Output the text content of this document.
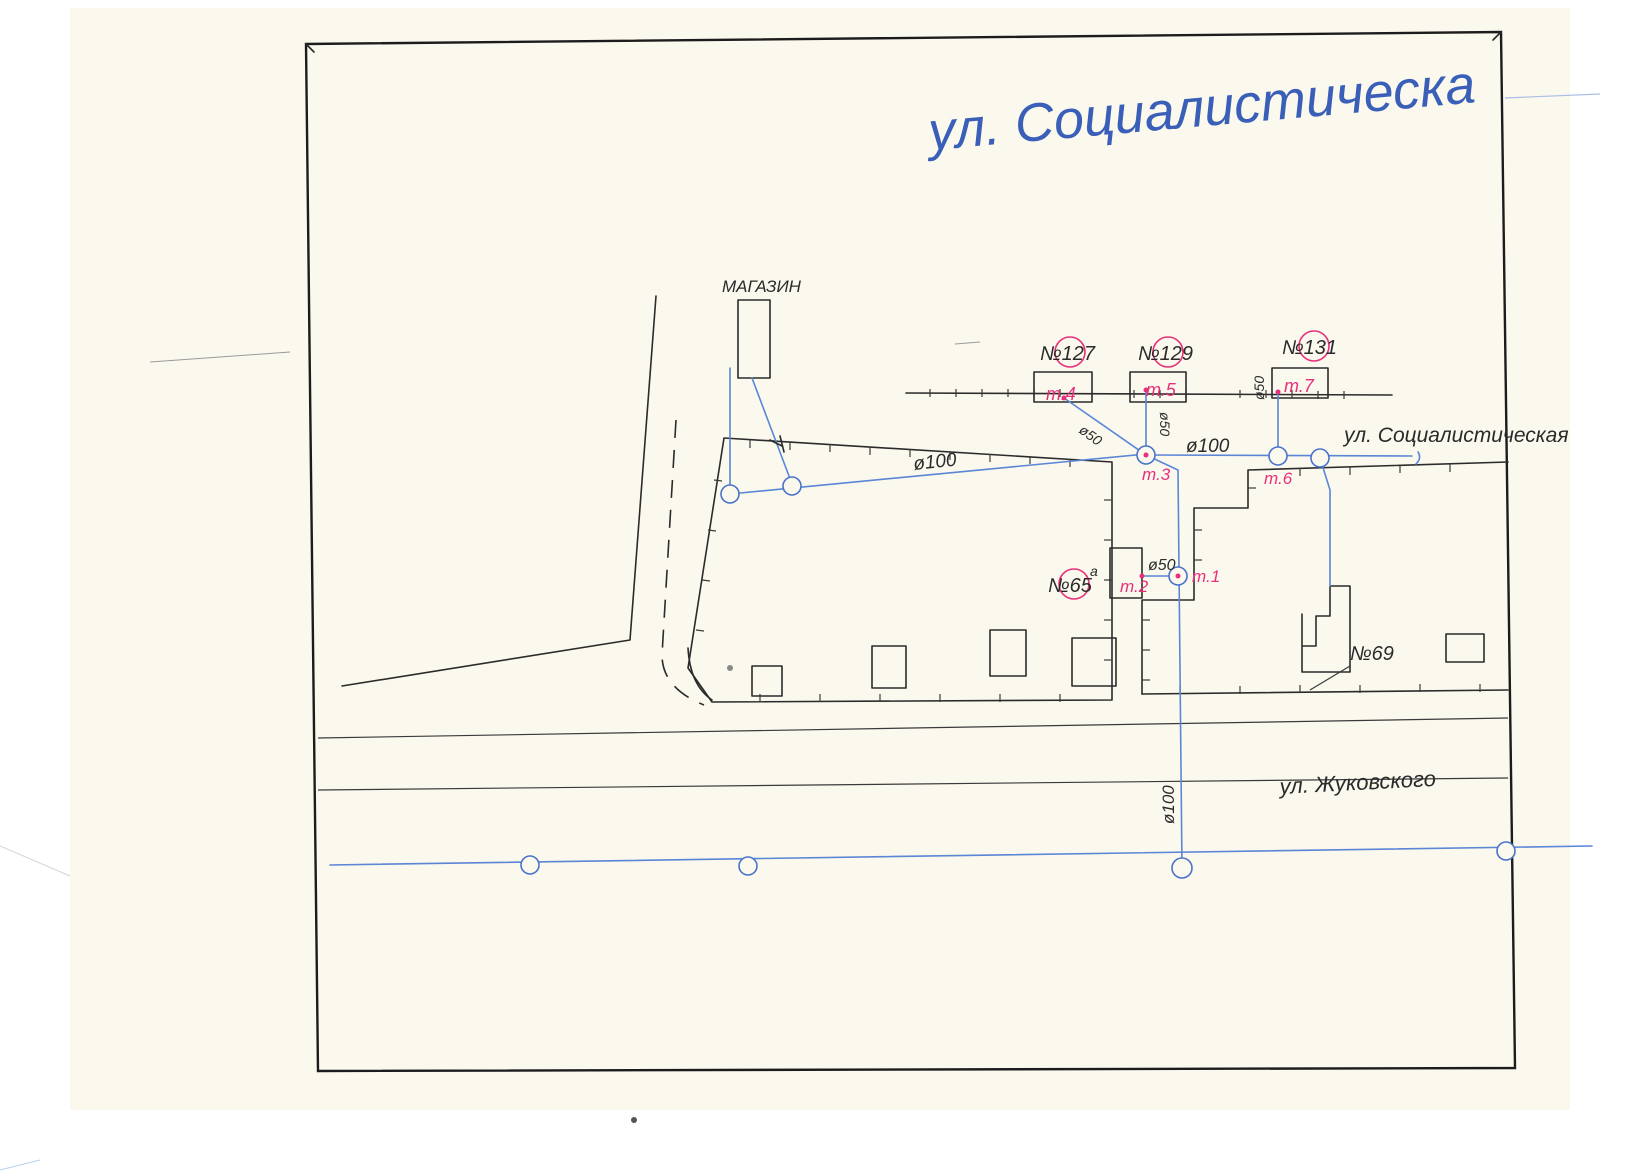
ул. Социалистическа
МАГАЗИН
ул. Социалистическая
ул. Жуковского
№127 №129	№131
№65
а
№69
т.1
т.2
т.3
т.4	т.5
т.6
т.7
ø100
ø100
ø100
ø50
ø50	ø50
ø50
